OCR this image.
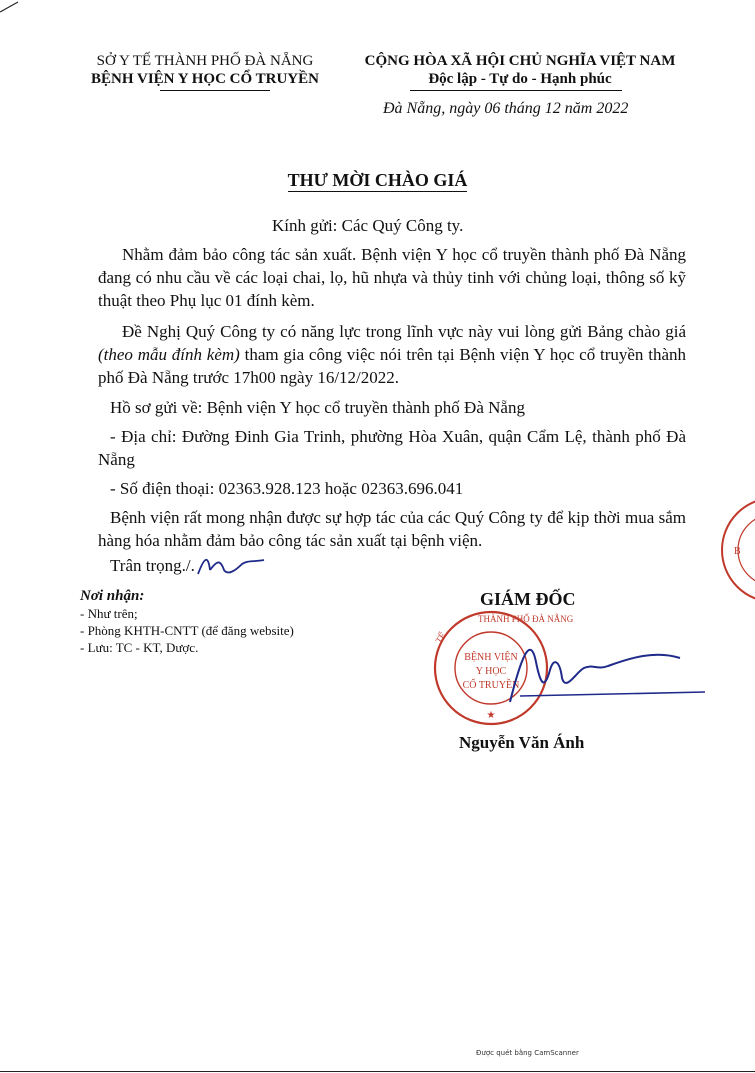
SỞ Y TẾ THÀNH PHỐ ĐÀ NẴNG
BỆNH VIỆN Y HỌC CỔ TRUYỀN
CỘNG HÒA XÃ HỘI CHỦ NGHĨA VIỆT NAM
Độc lập - Tự do - Hạnh phúc
Đà Nẵng, ngày 06 tháng 12 năm 2022
THƯ MỜI CHÀO GIÁ
Kính gửi: Các Quý Công ty.
Nhằm đảm bảo công tác sản xuất. Bệnh viện Y học cổ truyền thành phố Đà Nẵng đang có nhu cầu về các loại chai, lọ, hũ nhựa và thủy tinh với chủng loại, thông số kỹ thuật theo Phụ lục 01 đính kèm.
Đề Nghị Quý Công ty có năng lực trong lĩnh vực này vui lòng gửi Bảng chào giá (theo mẫu đính kèm) tham gia công việc nói trên tại Bệnh viện Y học cổ truyền thành phố Đà Nẵng trước 17h00 ngày 16/12/2022.
Hồ sơ gửi về: Bệnh viện Y học cổ truyền thành phố Đà Nẵng
- Địa chỉ: Đường Đinh Gia Trinh, phường Hòa Xuân, quận Cẩm Lệ, thành phố Đà Nẵng
- Số điện thoại: 02363.928.123 hoặc 02363.696.041
Bệnh viện rất mong nhận được sự hợp tác của các Quý Công ty để kịp thời mua sắm hàng hóa nhằm đảm bảo công tác sản xuất tại bệnh viện.
Trân trọng./.
Nơi nhận:
- Như trên;
- Phòng KHTH-CNTT (để đăng website)
- Lưu: TC - KT, Dược.
GIÁM ĐỐC
TẾ
THÀNH PHỐ ĐÀ NẴNG
BỆNH VIỆN
Y HỌC
CỔ TRUYỀN
★
Nguyễn Văn Ánh
B
Được quét bằng CamScanner
